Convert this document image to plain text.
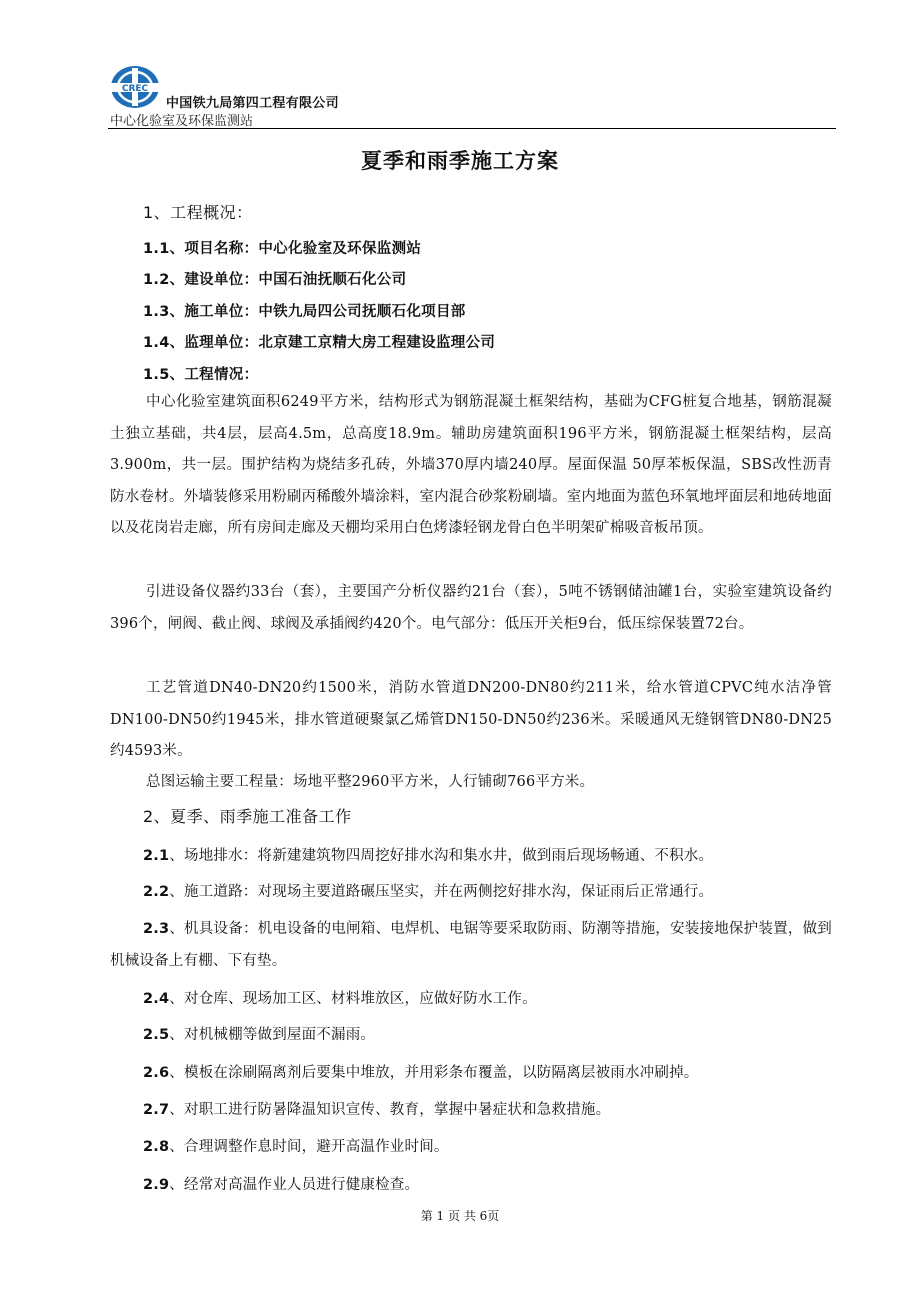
CREC
中国铁九局第四工程有限公司
中心化验室及环保监测站
夏季和雨季施工方案
1、工程概况：
1.1、项目名称：中心化验室及环保监测站
1.2、建设单位：中国石油抚顺石化公司
1.3、施工单位：中铁九局四公司抚顺石化项目部
1.4、监理单位：北京建工京精大房工程建设监理公司
1.5、工程情况：
中心化验室建筑面积6249平方米，结构形式为钢筋混凝土框架结构，基础为CFG桩复合地基，钢筋混凝土独立基础，共4层，层高4.5m，总高度18.9m。辅助房建筑面积196平方米，钢筋混凝土框架结构，层高3.900m，共一层。围护结构为烧结多孔砖，外墙370厚内墙240厚。屋面保温 50厚苯板保温，SBS改性沥青防水卷材。外墙装修采用粉刷丙稀酸外墙涂料，室内混合砂浆粉刷墙。室内地面为蓝色环氧地坪面层和地砖地面以及花岗岩走廊，所有房间走廊及天棚均采用白色烤漆轻钢龙骨白色半明架矿棉吸音板吊顶。
引进设备仪器约33台（套），主要国产分析仪器约21台（套），5吨不锈钢储油罐1台，实验室建筑设备约396个，闸阀、截止阀、球阀及承插阀约420个。电气部分：低压开关柜9台，低压综保装置72台。
工艺管道DN40-DN20约1500米，消防水管道DN200-DN80约211米，给水管道CPVC纯水洁净管DN100-DN50约1945米，排水管道硬聚氯乙烯管DN150-DN50约236米。采暖通风无缝钢管DN80-DN25约4593米。
总图运输主要工程量：场地平整2960平方米，人行铺砌766平方米。
2、夏季、雨季施工准备工作
2.1、场地排水：将新建建筑物四周挖好排水沟和集水井，做到雨后现场畅通、不积水。
2.2、施工道路：对现场主要道路碾压坚实，并在两侧挖好排水沟，保证雨后正常通行。
2.3、机具设备：机电设备的电闸箱、电焊机、电锯等要采取防雨、防潮等措施，安装接地保护装置，做到机械设备上有棚、下有垫。
2.4、对仓库、现场加工区、材料堆放区，应做好防水工作。
2.5、对机械棚等做到屋面不漏雨。
2.6、模板在涂刷隔离剂后要集中堆放，并用彩条布覆盖，以防隔离层被雨水冲刷掉。
2.7、对职工进行防暑降温知识宣传、教育，掌握中暑症状和急救措施。
2.8、合理调整作息时间，避开高温作业时间。
2.9、经常对高温作业人员进行健康检查。
第 1 页 共 6页
